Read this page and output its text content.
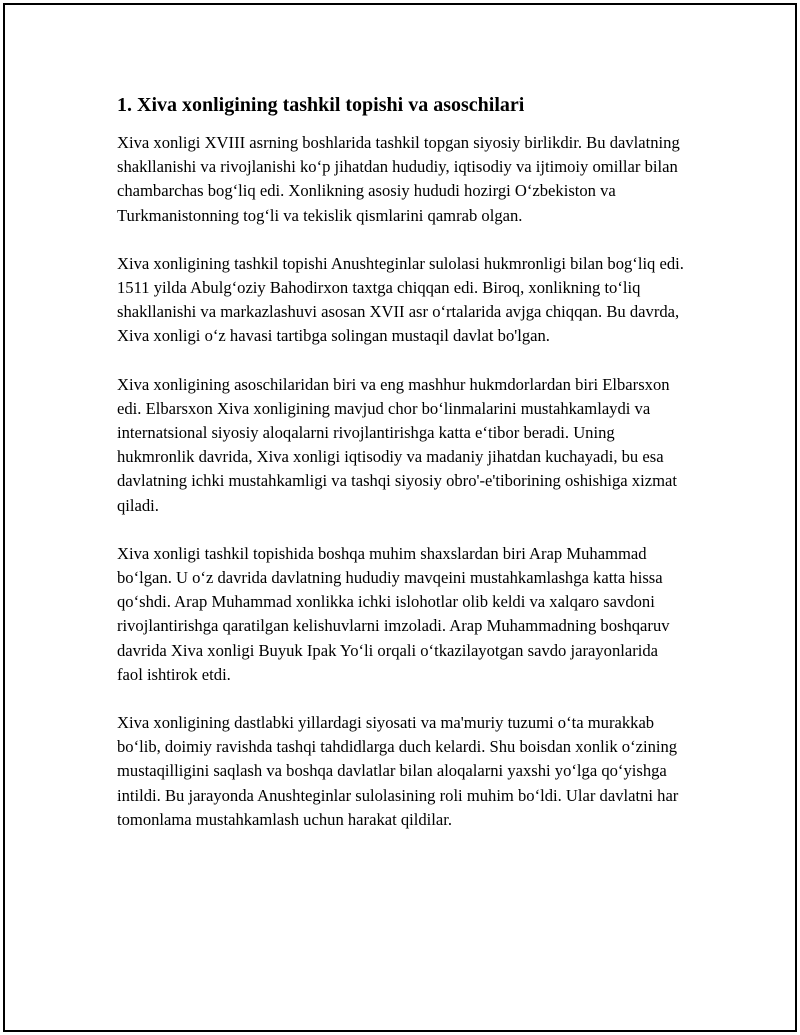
1. Xiva xonligining tashkil topishi va asoschilari

Xiva xonligi XVIII asrning boshlarida tashkil topgan siyosiy birlikdir. Bu davlatning shakllanishi va rivojlanishi ko‘p jihatdan hududiy, iqtisodiy va ijtimoiy omillar bilan chambarchas bog‘liq edi. Xonlikning asosiy hududi hozirgi O‘zbekiston va Turkmanistonning tog‘li va tekislik qismlarini qamrab olgan.

Xiva xonligining tashkil topishi Anushteginlar sulolasi hukmronligi bilan bog‘liq edi. 1511 yilda Abulg‘oziy Bahodirxon taxtga chiqqan edi. Biroq, xonlikning to‘liq shakllanishi va markazlashuvi asosan XVII asr o‘rtalarida avjga chiqqan. Bu davrda, Xiva xonligi o‘z havasi tartibga solingan mustaqil davlat bo'lgan.

Xiva xonligining asoschilaridan biri va eng mashhur hukmdorlardan biri Elbarsxon edi. Elbarsxon Xiva xonligining mavjud chor bo‘linmalarini mustahkamlaydi va internatsional siyosiy aloqalarni rivojlantirishga katta e‘tibor beradi. Uning hukmronlik davrida, Xiva xonligi iqtisodiy va madaniy jihatdan kuchayadi, bu esa davlatning ichki mustahkamligi va tashqi siyosiy obro'-e'tiborining oshishiga xizmat qiladi.

Xiva xonligi tashkil topishida boshqa muhim shaxslardan biri Arap Muhammad bo‘lgan. U o‘z davrida davlatning hududiy mavqeini mustahkamlashga katta hissa qo‘shdi. Arap Muhammad xonlikka ichki islohotlar olib keldi va xalqaro savdoni rivojlantirishga qaratilgan kelishuvlarni imzoladi. Arap Muhammadning boshqaruv davrida Xiva xonligi Buyuk Ipak Yo‘li orqali o‘tkazilayotgan savdo jarayonlarida faol ishtirok etdi.

Xiva xonligining dastlabki yillardagi siyosati va ma'muriy tuzumi o‘ta murakkab bo‘lib, doimiy ravishda tashqi tahdidlarga duch kelardi. Shu boisdan xonlik o‘zining mustaqilligini saqlash va boshqa davlatlar bilan aloqalarni yaxshi yo‘lga qo‘yishga intildi. Bu jarayonda Anushteginlar sulolasining roli muhim bo‘ldi. Ular davlatni har tomonlama mustahkamlash uchun harakat qildilar.
